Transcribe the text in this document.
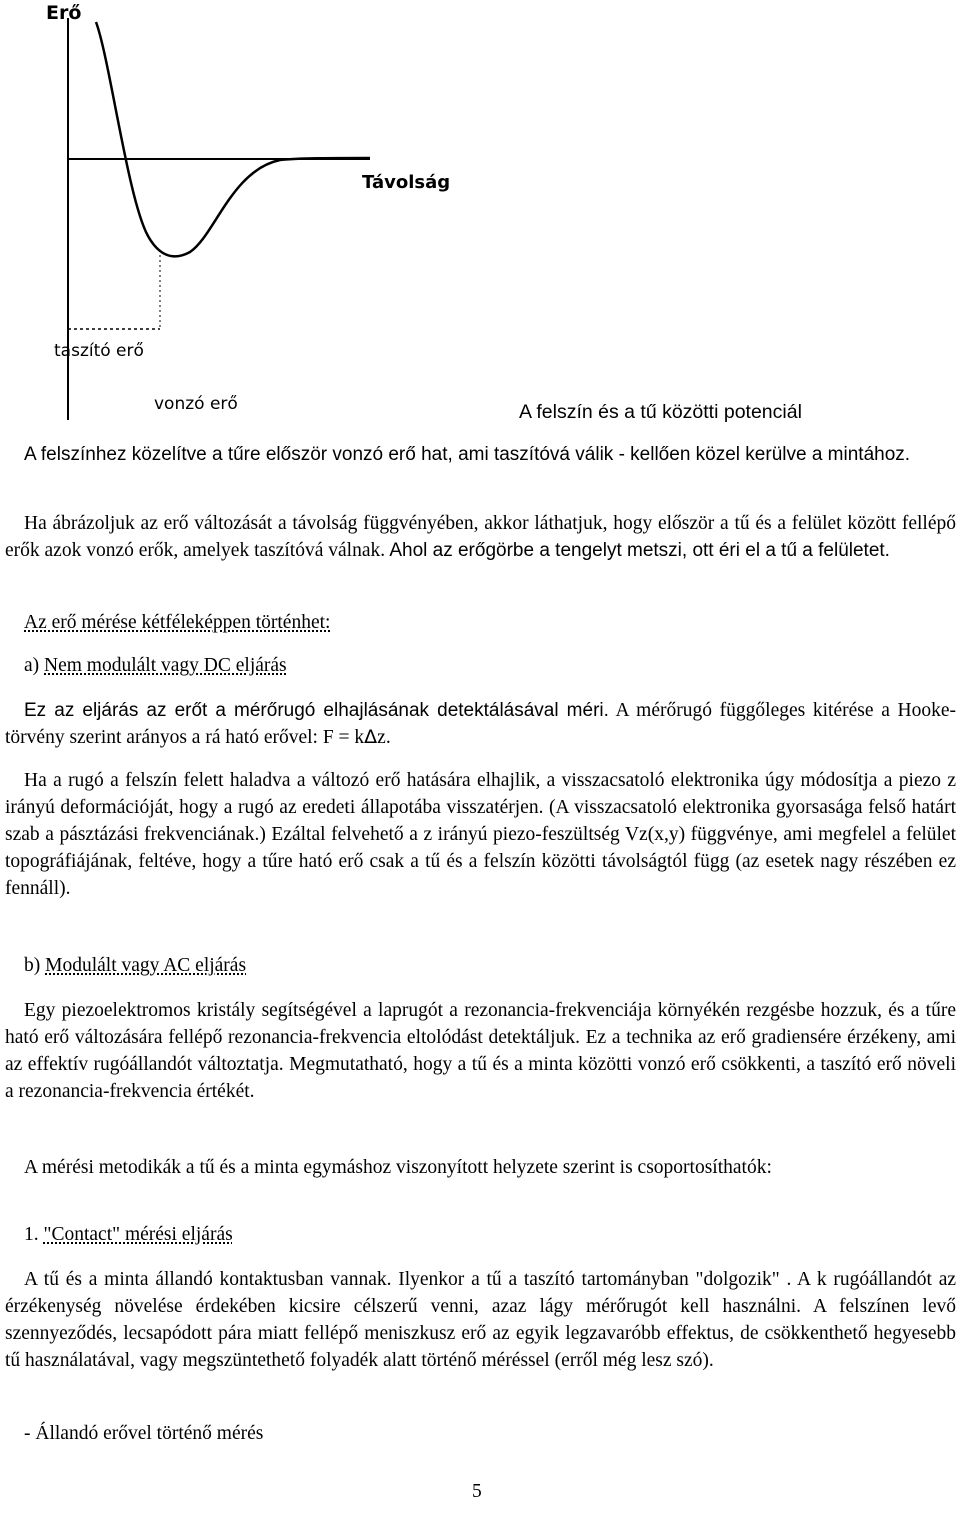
Erő
Távolság
taszító erő
vonzó erő	A felszín és a tű közötti potenciál
A felszínhez közelítve a tűre először vonzó erő hat, ami taszítóvá válik - kellően közel kerülve a mintához.
Ha ábrázoljuk az erő változását a távolság függvényében, akkor láthatjuk, hogy először a tű és a felület között fellépő erők azok vonzó erők, amelyek taszítóvá válnak. Ahol az erőgörbe a tengelyt metszi, ott éri el a tű a felületet.
Az erő mérése kétféleképpen történhet:
a) Nem modulált vagy DC eljárás
Ez az eljárás az erőt a mérőrugó elhajlásának detektálásával méri. A mérőrugó függőleges kitérése a Hooke-törvény szerint arányos a rá ható erővel: F = kΔz.
Ha a rugó a felszín felett haladva a változó erő hatására elhajlik, a visszacsatoló elektronika úgy módosítja a piezo z irányú deformációját, hogy a rugó az eredeti állapotába visszatérjen. (A visszacsatoló elektronika gyorsasága felső határt szab a pásztázási frekvenciának.) Ezáltal felvehető a z irányú piezo-feszültség Vz(x,y) függvénye, ami megfelel a felület topográfiájának, feltéve, hogy a tűre ható erő csak a tű és a felszín közötti távolságtól függ (az esetek nagy részében ez fennáll).
b) Modulált vagy AC eljárás
Egy piezoelektromos kristály segítségével a laprugót a rezonancia-frekvenciája környékén rezgésbe hozzuk, és a tűre ható erő változására fellépő rezonancia-frekvencia eltolódást detektáljuk. Ez a technika az erő gradiensére érzékeny, ami az effektív rugóállandót változtatja. Megmutatható, hogy a tű és a minta közötti vonzó erő csökkenti, a taszító erő növeli a rezonancia-frekvencia értékét.
A mérési metodikák a tű és a minta egymáshoz viszonyított helyzete szerint is csoportosíthatók:
1. "Contact" mérési eljárás
A tű és a minta állandó kontaktusban vannak. Ilyenkor a tű a taszító tartományban "dolgozik" . A k rugóállandót az érzékenység növelése érdekében kicsire célszerű venni, azaz lágy mérőrugót kell használni. A felszínen levő szennyeződés, lecsapódott pára miatt fellépő meniszkusz erő az egyik legzavaróbb effektus, de csökkenthető hegyesebb tű használatával, vagy megszüntethető folyadék alatt történő méréssel (erről még lesz szó).
- Állandó erővel történő mérés
5
